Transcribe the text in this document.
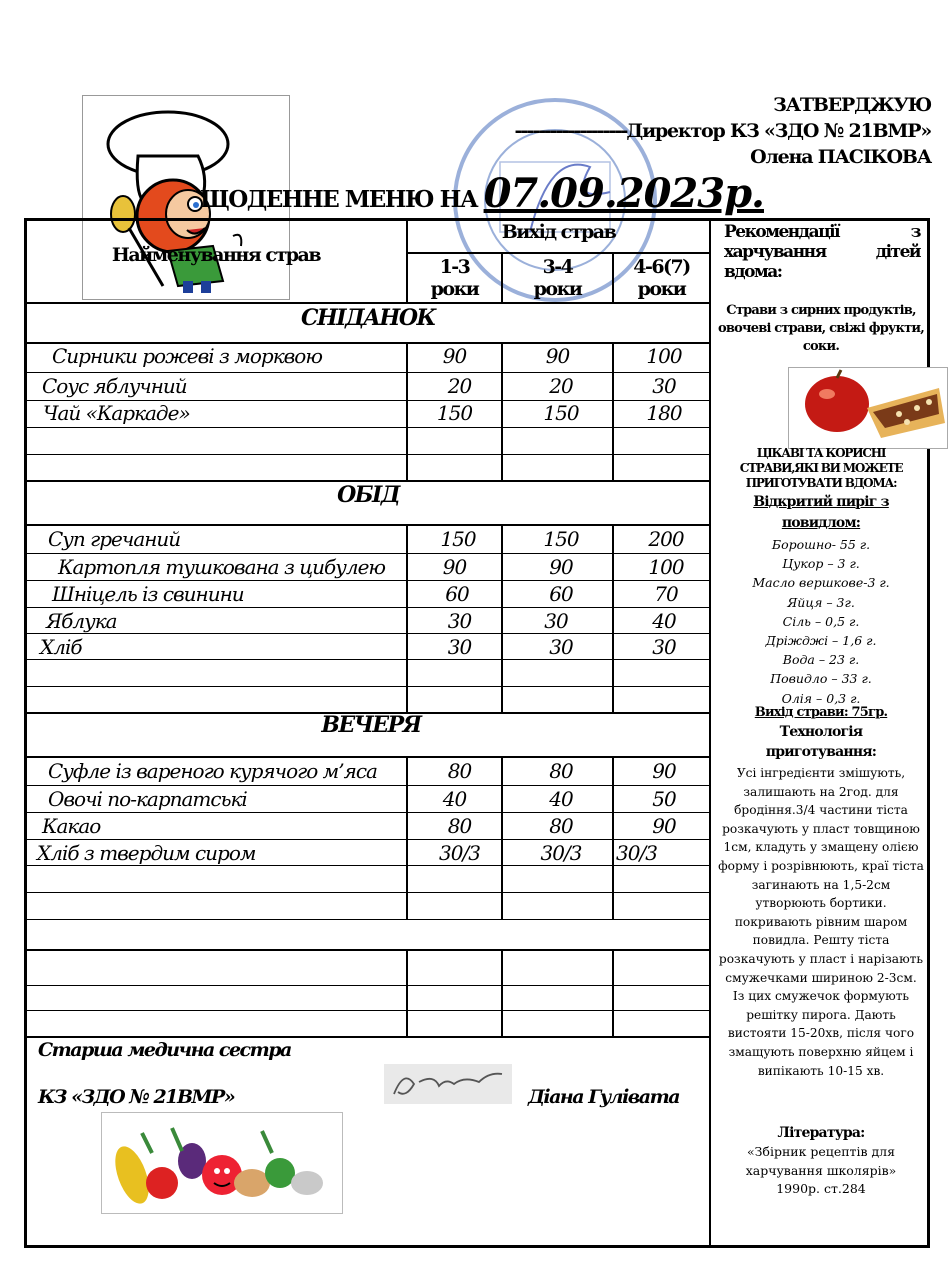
ЗАТВЕРДЖУЮ
-------------------Директор КЗ «ЗДО № 21ВМР»
Олена ПАСІКОВА
ЩОДЕННЕ МЕНЮ НА 07.09.2023р.
Найменування страв
Вихід страв
1-3
роки
3-4
роки
4-6(7)
роки
Рекомендації з харчування дітей вдома:
СНІДАНОК
ОБІД
ВЕЧЕРЯ
Сирники рожеві з морквою	90	90	100
Соус яблучний	20	20	30
Чай «Каркаде»	150	150	180
Суп гречаний	150	150	200
Картопля тушкована з цибулею	90	90	100
Шніцель із свинини	60	60	70
Яблука	30	30	40
Хліб	30	30	30
Суфле із вареного курячого м’яса	80	80	90
Овочі по-карпатські	40	40	50
Какао	80	80	90
Хліб з твердим сиром	30/3	30/3	30/3
Страви з сирних продуктів, овочеві страви, свіжі фрукти, соки.
ЦІКАВІ ТА КОРИСНІ СТРАВИ,ЯКІ ВИ МОЖЕТЕ ПРИГОТУВАТИ ВДОМА:
Відкритий пиріг з повидлом:
Борошно- 55 г.
Цукор – 3 г.
Масло вершкове-3 г.
Яйця – 3г.
Сіль – 0,5 г.
Дріжджі – 1,6 г.
Вода – 23 г.
Повидло – 33 г.
Олія – 0,3 г.
Вихід страви: 75гр.
Технологія приготування:
Усі інгредієнти змішують, залишають на 2год. для бродіння.3/4 частини тіста розкачують у пласт товщиною 1см, кладуть у змащену олією форму і розрівнюють, краї тіста загинають на 1,5-2см утворюють бортики. покривають рівним шаром повидла. Решту тіста розкачують у пласт і нарізають смужечками шириною 2-3см. Із цих смужечок формують решітку пирога. Дають вистояти 15-20хв, після чого змащують поверхню яйцем і випікають 10-15 хв.
Література:
«Збірник рецептів для харчування школярів» 1990р. ст.284
Старша медична сестра
КЗ «ЗДО № 21ВМР»	Діана Гулівата
